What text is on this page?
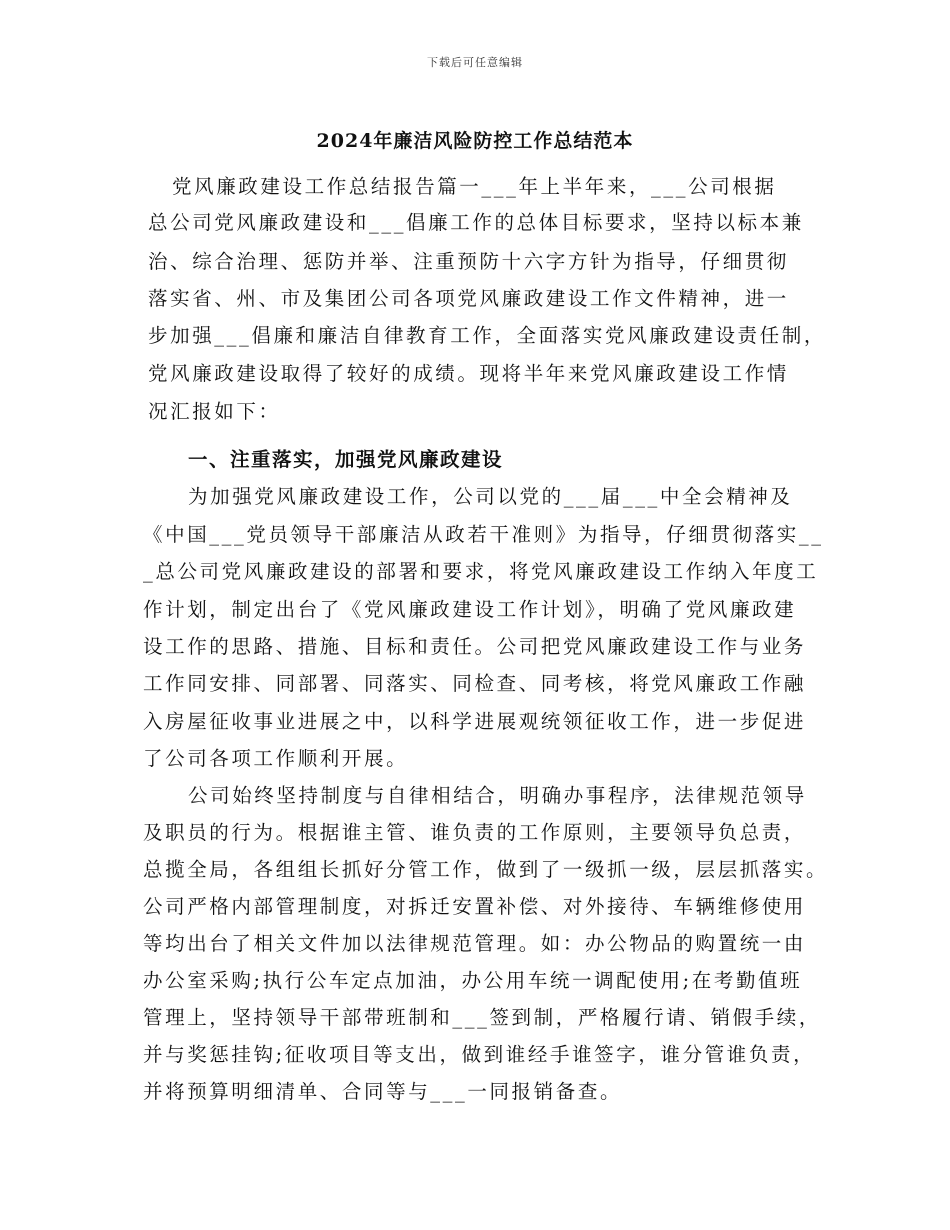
下载后可任意编辑
2024年廉洁风险防控工作总结范本
党风廉政建设工作总结报告篇一___年上半年来，___公司根据
总公司党风廉政建设和___倡廉工作的总体目标要求，坚持以标本兼
治、综合治理、惩防并举、注重预防十六字方针为指导，仔细贯彻
落实省、州、市及集团公司各项党风廉政建设工作文件精神，进一
步加强___倡廉和廉洁自律教育工作，全面落实党风廉政建设责任制，
党风廉政建设取得了较好的成绩。现将半年来党风廉政建设工作情
况汇报如下：
一、注重落实，加强党风廉政建设
为加强党风廉政建设工作，公司以党的___届___中全会精神及
《中国___党员领导干部廉洁从政若干准则》为指导，仔细贯彻落实__
_总公司党风廉政建设的部署和要求，将党风廉政建设工作纳入年度工
作计划，制定出台了《党风廉政建设工作计划》，明确了党风廉政建
设工作的思路、措施、目标和责任。公司把党风廉政建设工作与业务
工作同安排、同部署、同落实、同检查、同考核，将党风廉政工作融
入房屋征收事业进展之中，以科学进展观统领征收工作，进一步促进
了公司各项工作顺利开展。
公司始终坚持制度与自律相结合，明确办事程序，法律规范领导
及职员的行为。根据谁主管、谁负责的工作原则，主要领导负总责，
总揽全局，各组组长抓好分管工作，做到了一级抓一级，层层抓落实。
公司严格内部管理制度，对拆迁安置补偿、对外接待、车辆维修使用
等均出台了相关文件加以法律规范管理。如：办公物品的购置统一由
办公室采购;执行公车定点加油，办公用车统一调配使用;在考勤值班
管理上，坚持领导干部带班制和___签到制，严格履行请、销假手续，
并与奖惩挂钩;征收项目等支出，做到谁经手谁签字，谁分管谁负责，
并将预算明细清单、合同等与___一同报销备查。
